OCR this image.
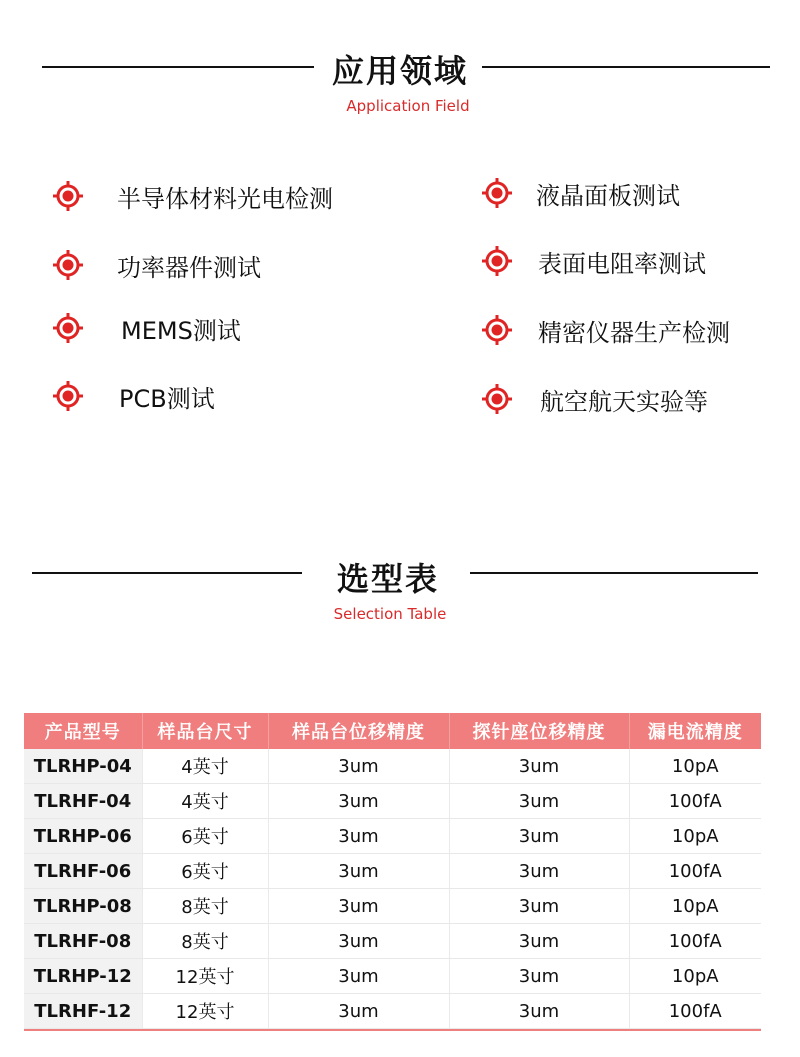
应用领域
Application Field
半导体材料光电检测
功率器件测试
MEMS测试
PCB测试
液晶面板测试
表面电阻率测试
精密仪器生产检测
航空航天实验等
选型表
Selection Table
产品型号	样品台尺寸	样品台位移精度	探针座位移精度	漏电流精度
TLRHP-04	4英寸	3um	3um	10pA
TLRHF-04	4英寸	3um	3um	100fA
TLRHP-06	6英寸	3um	3um	10pA
TLRHF-06	6英寸	3um	3um	100fA
TLRHP-08	8英寸	3um	3um	10pA
TLRHF-08	8英寸	3um	3um	100fA
TLRHP-12	12英寸	3um	3um	10pA
TLRHF-12	12英寸	3um	3um	100fA
